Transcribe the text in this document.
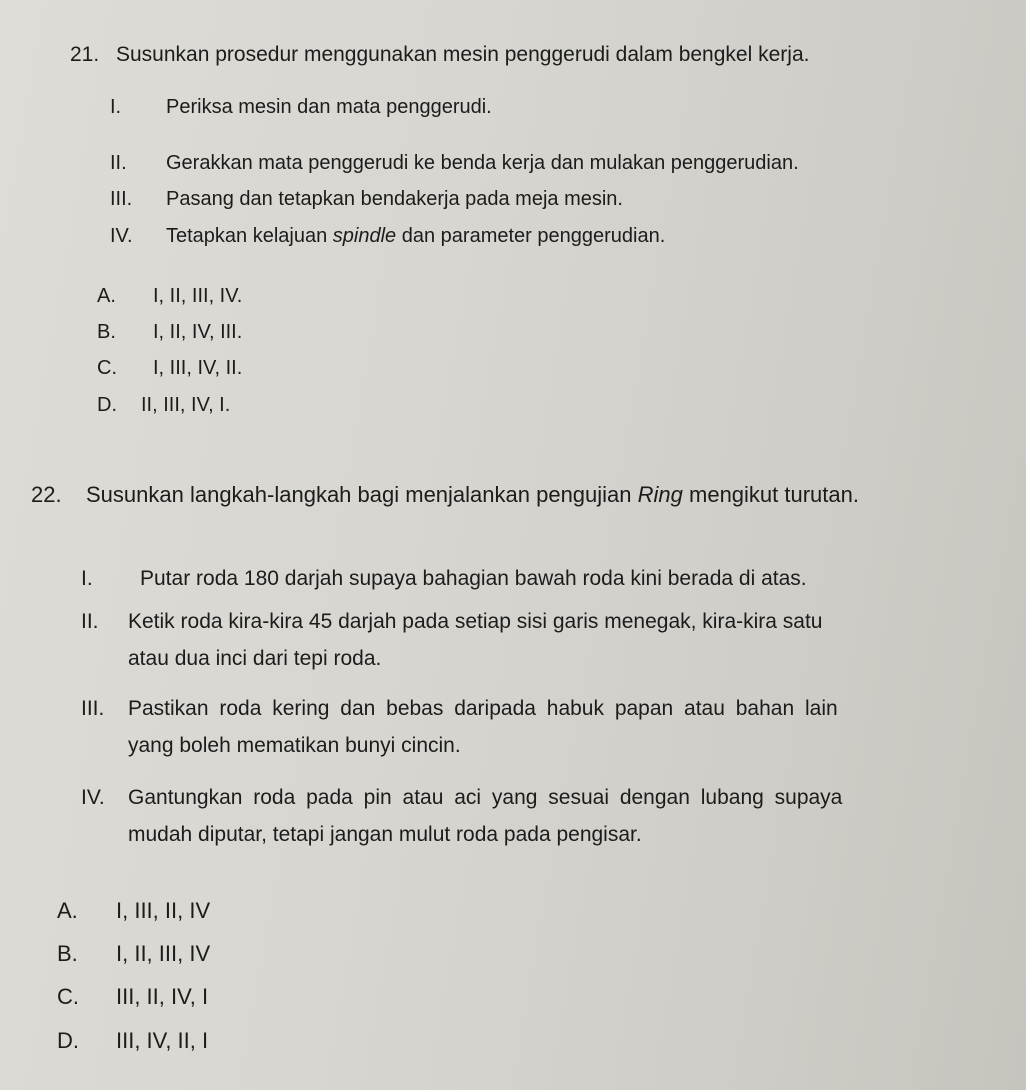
21. Susunkan prosedur menggunakan mesin penggerudi dalam bengkel kerja.
I. Periksa mesin dan mata penggerudi.
II. Gerakkan mata penggerudi ke benda kerja dan mulakan penggerudian.
III. Pasang dan tetapkan bendakerja pada meja mesin.
IV. Tetapkan kelajuan spindle dan parameter penggerudian.
A. I, II, III, IV.
B. I, II, IV, III.
C. I, III, IV, II.
D. II, III, IV, I.
22. Susunkan langkah-langkah bagi menjalankan pengujian Ring mengikut turutan.
I. Putar roda 180 darjah supaya bahagian bawah roda kini berada di atas.
II. Ketik roda kira-kira 45 darjah pada setiap sisi garis menegak, kira-kira satu
atau dua inci dari tepi roda.
III. Pastikan roda kering dan bebas daripada habuk papan atau bahan lain
yang boleh mematikan bunyi cincin.
IV. Gantungkan roda pada pin atau aci yang sesuai dengan lubang supaya
mudah diputar, tetapi jangan mulut roda pada pengisar.
A. I, III, II, IV
B. I, II, III, IV
C. III, II, IV, I
D. III, IV, II, I
